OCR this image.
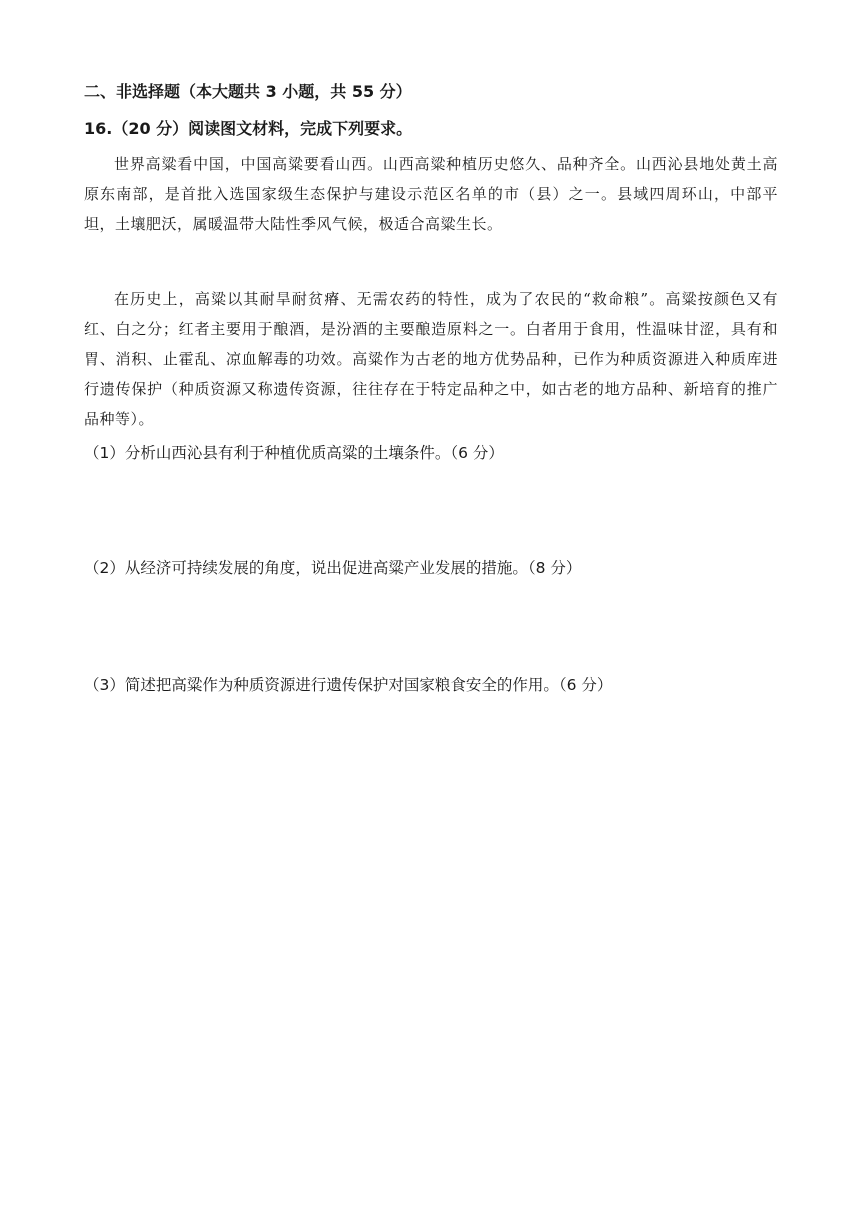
二、非选择题（本大题共 3 小题，共 55 分）
16.（20 分）阅读图文材料，完成下列要求。

世界高粱看中国，中国高粱要看山西。山西高粱种植历史悠久、品种齐全。山西沁县地处黄土高原东南部，是首批入选国家级生态保护与建设示范区名单的市（县）之一。县域四周环山，中部平坦，土壤肥沃，属暖温带大陆性季风气候，极适合高粱生长。

在历史上，高粱以其耐旱耐贫瘠、无需农药的特性，成为了农民的“救命粮”。高粱按颜色又有红、白之分；红者主要用于酿酒，是汾酒的主要酿造原料之一。白者用于食用，性温味甘涩，具有和胃、消积、止霍乱、凉血解毒的功效。高粱作为古老的地方优势品种，已作为种质资源进入种质库进行遗传保护（种质资源又称遗传资源，往往存在于特定品种之中，如古老的地方品种、新培育的推广品种等）。

（1）分析山西沁县有利于种植优质高粱的土壤条件。（6 分）
（2）从经济可持续发展的角度，说出促进高粱产业发展的措施。（8 分）
（3）简述把高粱作为种质资源进行遗传保护对国家粮食安全的作用。（6 分）
